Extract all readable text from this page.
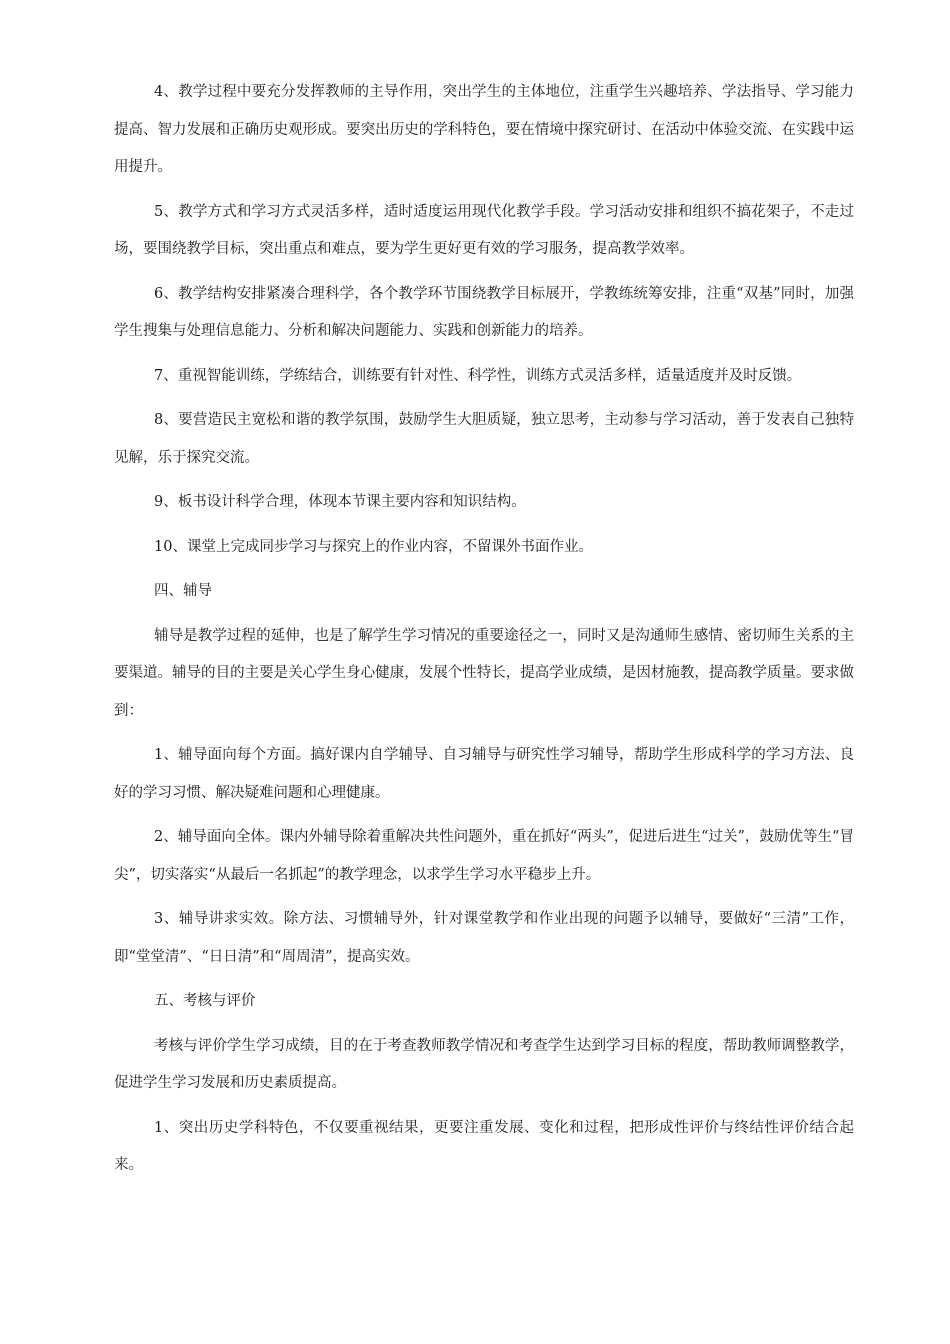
4、教学过程中要充分发挥教师的主导作用，突出学生的主体地位，注重学生兴趣培养、学法指导、学习能力提高、智力发展和正确历史观形成。要突出历史的学科特色，要在情境中探究研讨、在活动中体验交流、在实践中运用提升。

5、教学方式和学习方式灵活多样，适时适度运用现代化教学手段。学习活动安排和组织不搞花架子，不走过场，要围绕教学目标，突出重点和难点，要为学生更好更有效的学习服务，提高教学效率。

6、教学结构安排紧凑合理科学，各个教学环节围绕教学目标展开，学教练统筹安排，注重“双基”同时，加强学生搜集与处理信息能力、分析和解决问题能力、实践和创新能力的培养。

7、重视智能训练，学练结合，训练要有针对性、科学性，训练方式灵活多样，适量适度并及时反馈。

8、要营造民主宽松和谐的教学氛围，鼓励学生大胆质疑，独立思考，主动参与学习活动，善于发表自己独特见解，乐于探究交流。

9、板书设计科学合理，体现本节课主要内容和知识结构。

10、课堂上完成同步学习与探究上的作业内容，不留课外书面作业。

四、辅导

辅导是教学过程的延伸，也是了解学生学习情况的重要途径之一，同时又是沟通师生感情、密切师生关系的主要渠道。辅导的目的主要是关心学生身心健康，发展个性特长，提高学业成绩，是因材施教，提高教学质量。要求做到：

1、辅导面向每个方面。搞好课内自学辅导、自习辅导与研究性学习辅导，帮助学生形成科学的学习方法、良好的学习习惯、解决疑难问题和心理健康。

2、辅导面向全体。课内外辅导除着重解决共性问题外，重在抓好“两头”，促进后进生“过关”，鼓励优等生“冒尖”，切实落实“从最后一名抓起”的教学理念，以求学生学习水平稳步上升。

3、辅导讲求实效。除方法、习惯辅导外，针对课堂教学和作业出现的问题予以辅导，要做好“三清”工作，即“堂堂清”、“日日清”和“周周清”，提高实效。

五、考核与评价

考核与评价学生学习成绩，目的在于考查教师教学情况和考查学生达到学习目标的程度，帮助教师调整教学，促进学生学习发展和历史素质提高。

1、突出历史学科特色，不仅要重视结果，更要注重发展、变化和过程，把形成性评价与终结性评价结合起来。
